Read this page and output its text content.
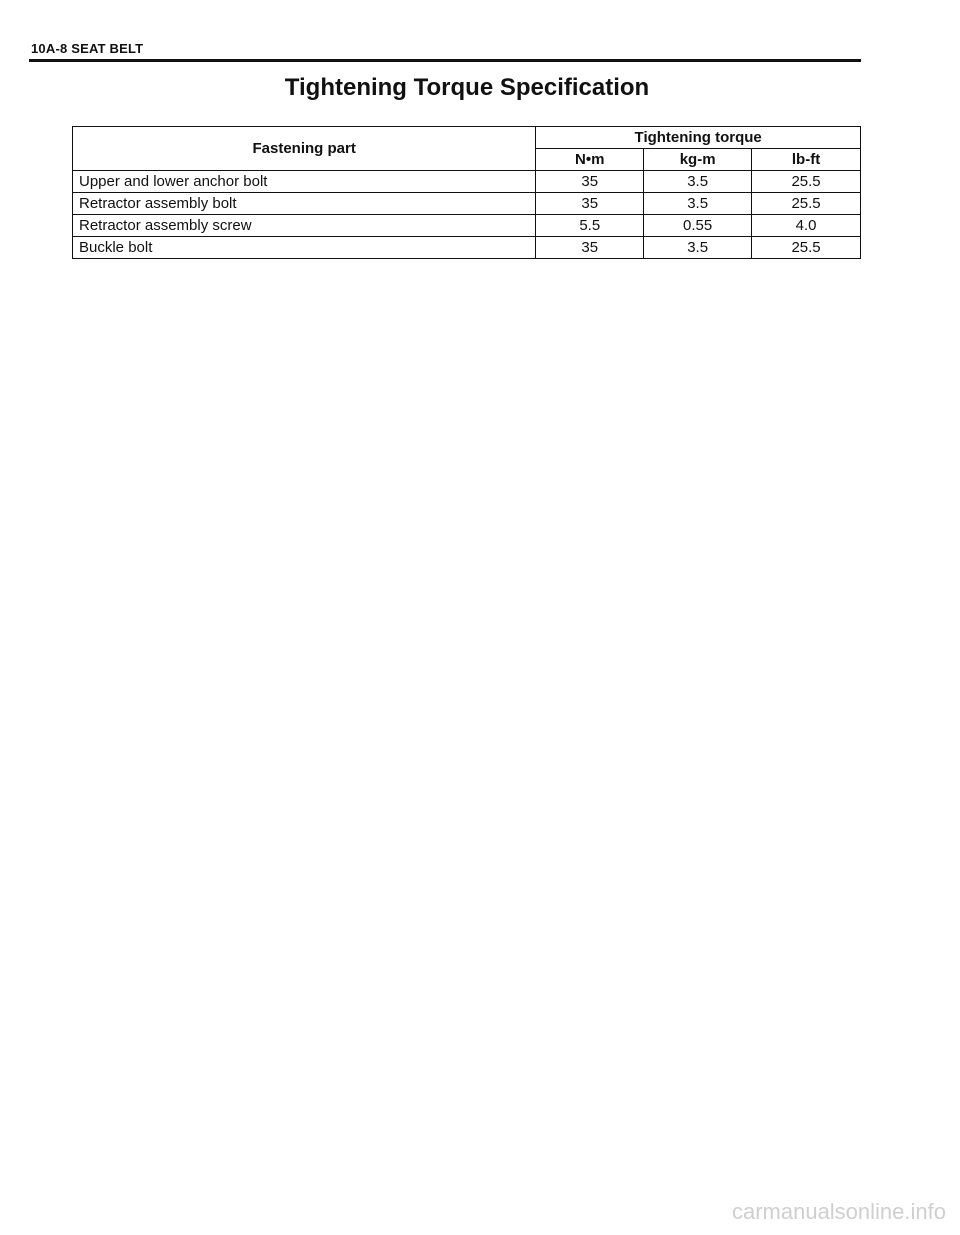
10A-8 SEAT BELT
Tightening Torque Specification
Fastening part	Tightening torque		
	N•m	kg-m	lb-ft
Upper and lower anchor bolt	35	3.5	25.5
Retractor assembly bolt	35	3.5	25.5
Retractor assembly screw	5.5	0.55	4.0
Buckle bolt	35	3.5	25.5
carmanualsonline.info
